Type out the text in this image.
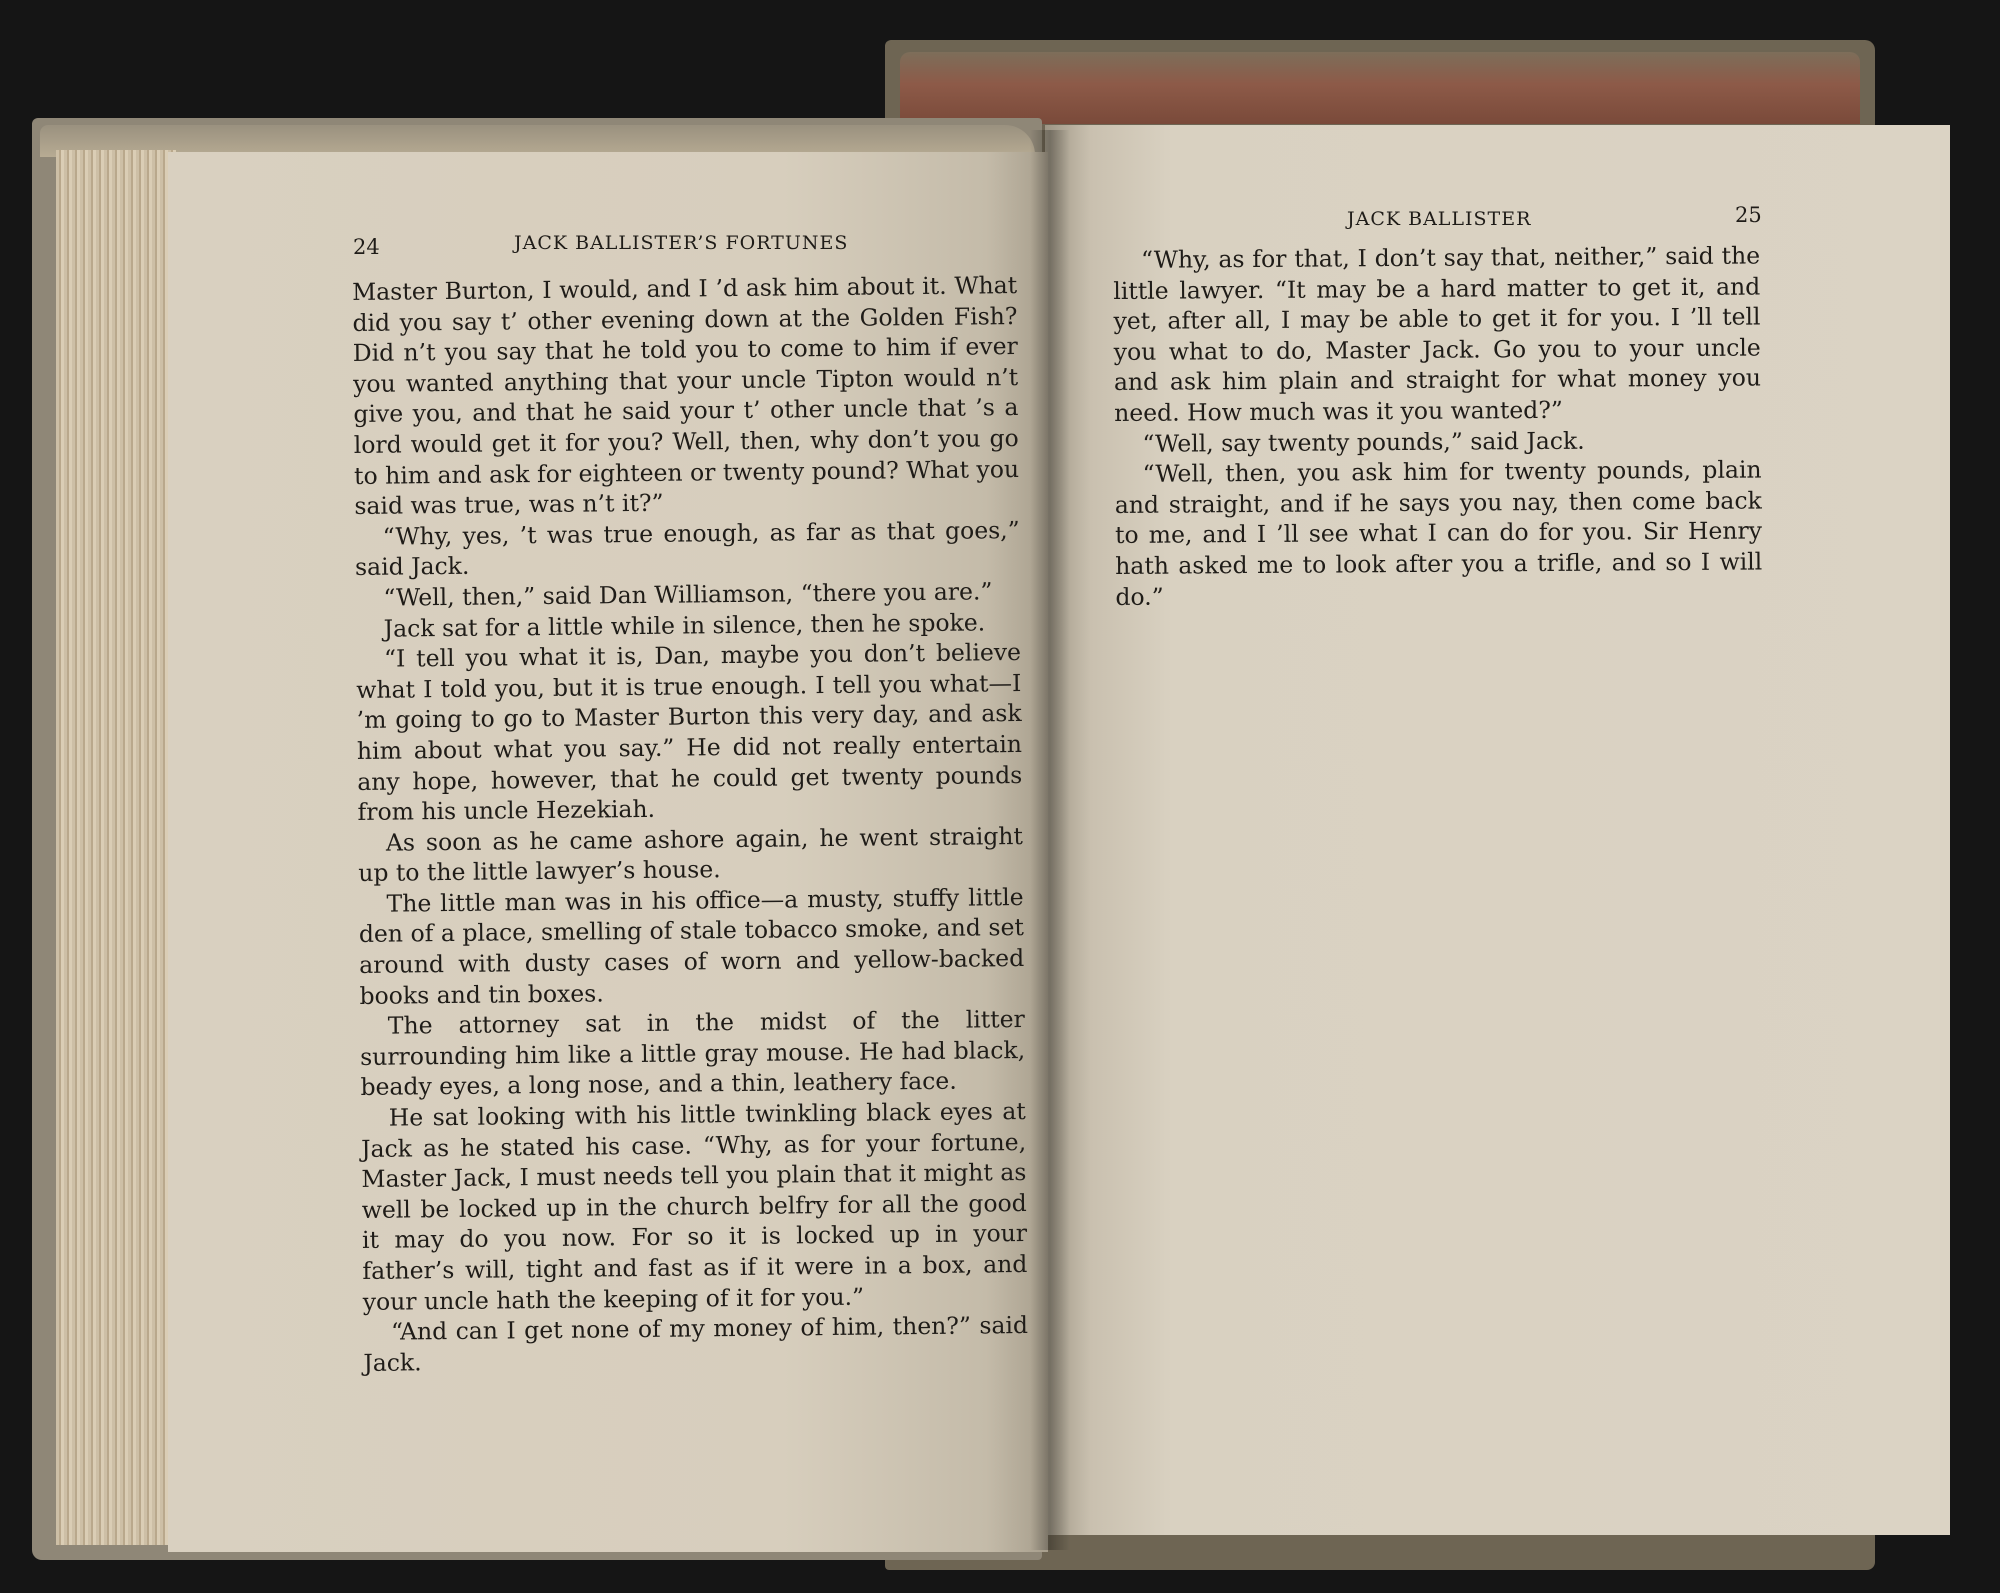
JACK BALLISTER	25

“Why, as for that, I don’t say that, neither,” said the little lawyer. “It may be a hard matter to get it, and yet, after all, I may be able to get it for you. I ’ll tell you what to do, Master Jack. Go you to your uncle and ask him plain and straight for what money you need. How much was it you wanted?”

“Well, say twenty pounds,” said Jack.

“Well, then, you ask him for twenty pounds, plain and straight, and if he says you nay, then come back to me, and I ’ll see what I can do for you. Sir Henry hath asked me to look after you a trifle, and so I will do.”

24	JACK BALLISTER’S FORTUNES

Master Burton, I would, and I ’d ask him about it. What did you say t’ other evening down at the Golden Fish? Did n’t you say that he told you to come to him if ever you wanted anything that your uncle Tipton would n’t give you, and that he said your t’ other uncle that ’s a lord would get it for you? Well, then, why don’t you go to him and ask for eighteen or twenty pound? What you said was true, was n’t it?”

“Why, yes, ’t was true enough, as far as that goes,” said Jack.

“Well, then,” said Dan Williamson, “there you are.”

Jack sat for a little while in silence, then he spoke.

“I tell you what it is, Dan, maybe you don’t believe what I told you, but it is true enough. I tell you what—I ’m going to go to Master Burton this very day, and ask him about what you say.” He did not really entertain any hope, however, that he could get twenty pounds from his uncle Hezekiah.

As soon as he came ashore again, he went straight up to the little lawyer’s house.

The little man was in his office—a musty, stuffy little den of a place, smelling of stale tobacco smoke, and set around with dusty cases of worn and yellow-backed books and tin boxes.

The attorney sat in the midst of the litter surrounding him like a little gray mouse. He had black, beady eyes, a long nose, and a thin, leathery face.

He sat looking with his little twinkling black eyes at Jack as he stated his case. “Why, as for your fortune, Master Jack, I must needs tell you plain that it might as well be locked up in the church belfry for all the good it may do you now. For so it is locked up in your father’s will, tight and fast as if it were in a box, and your uncle hath the keeping of it for you.”

“And can I get none of my money of him, then?” said Jack.
